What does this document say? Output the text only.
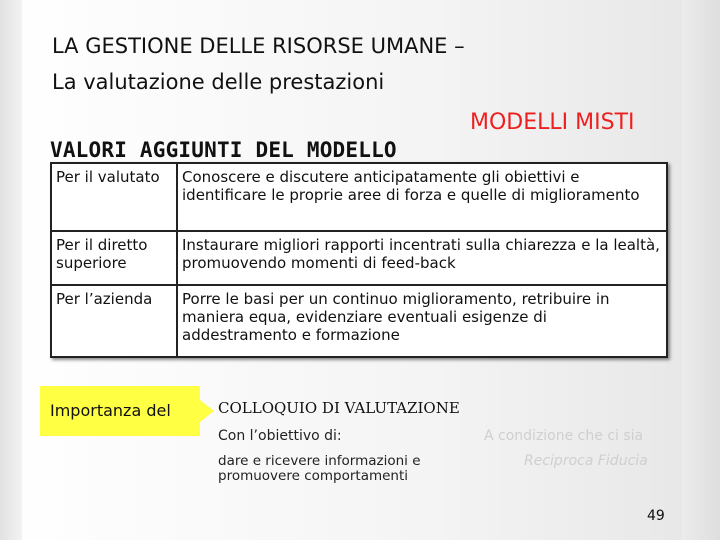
LA GESTIONE DELLE RISORSE UMANE –
La valutazione delle prestazioni
MODELLI MISTI
VALORI AGGIUNTI DEL MODELLO
Per il valutato	Conoscere e discutere anticipatamente gli obiettivi e identificare le proprie aree di forza e quelle di miglioramento
Per il diretto superiore	Instaurare migliori rapporti incentrati sulla chiarezza e la lealtà, promuovendo momenti di feed-back
Per l’azienda	Porre le basi per un continuo miglioramento, retribuire in maniera equa, evidenziare eventuali esigenze di addestramento e formazione
Importanza del	COLLOQUIO DI VALUTAZIONE
Con l’obiettivo di:
dare e ricevere informazioni e promuovere comportamenti
A condizione che ci sia
Reciproca Fiducia
49
